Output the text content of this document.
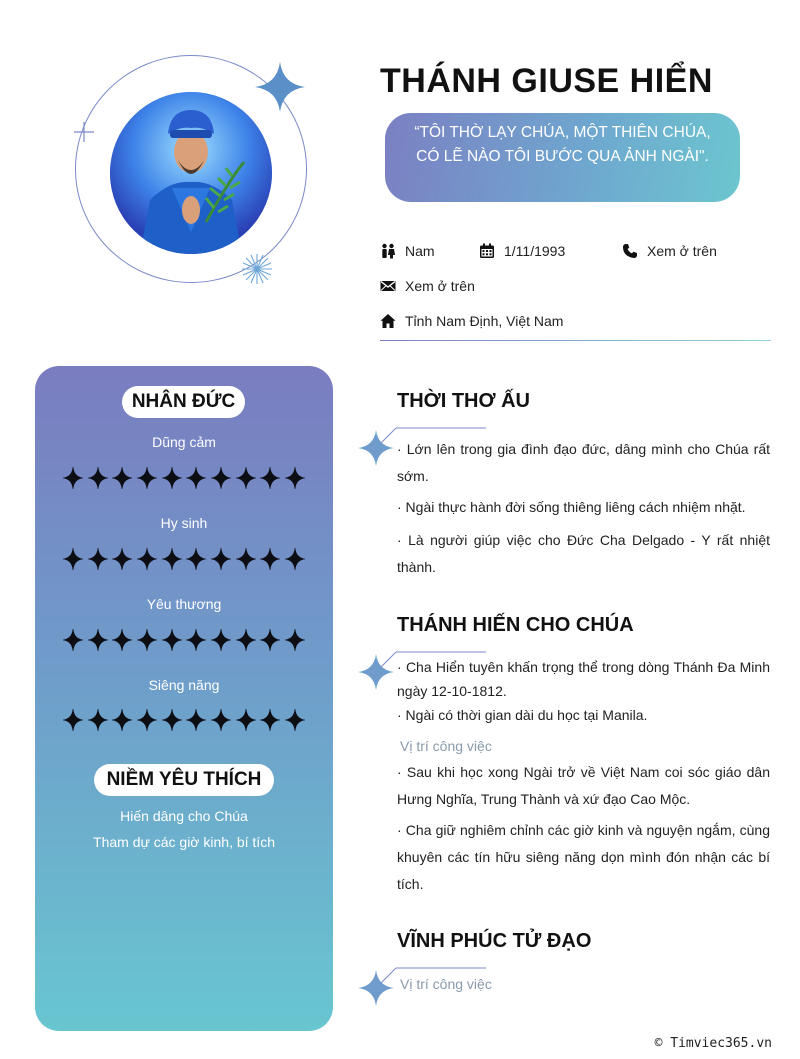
THÁNH GIUSE HIỂN
“TÔI THỜ LẠY CHÚA, MỘT THIÊN CHÚA, CÓ LẼ NÀO TÔI BƯỚC QUA ẢNH NGÀI".
Nam	1/11/1993	Xem ở trên
Xem ở trên
Tỉnh Nam Định, Việt Nam
NHÂN ĐỨC
Dũng cảm
Hy sinh
Yêu thương
Siêng năng
NIỀM YÊU THÍCH
Hiến dâng cho Chúa
Tham dự các giờ kinh, bí tích
THỜI THƠ ẤU
· Lớn lên trong gia đình đạo đức, dâng mình cho Chúa rất sớm.
· Ngài thực hành đời sống thiêng liêng cách nhiệm nhặt.
· Là người giúp việc cho Đức Cha Delgado - Y rất nhiệt thành.
THÁNH HIẾN CHO CHÚA
· Cha Hiển tuyên khấn trọng thể trong dòng Thánh Đa Minh ngày 12-10-1812.
· Ngài có thời gian dài du học tại Manila.
Vị trí công việc
· Sau khi học xong Ngài trở về Việt Nam coi sóc giáo dân Hưng Nghĩa, Trung Thành và xứ đạo Cao Mộc.
· Cha giữ nghiêm chỉnh các giờ kinh và nguyện ngắm, cùng khuyên các tín hữu siêng năng dọn mình đón nhận các bí tích.
VĨNH PHÚC TỬ ĐẠO
Vị trí công việc
© Timviec365.vn
